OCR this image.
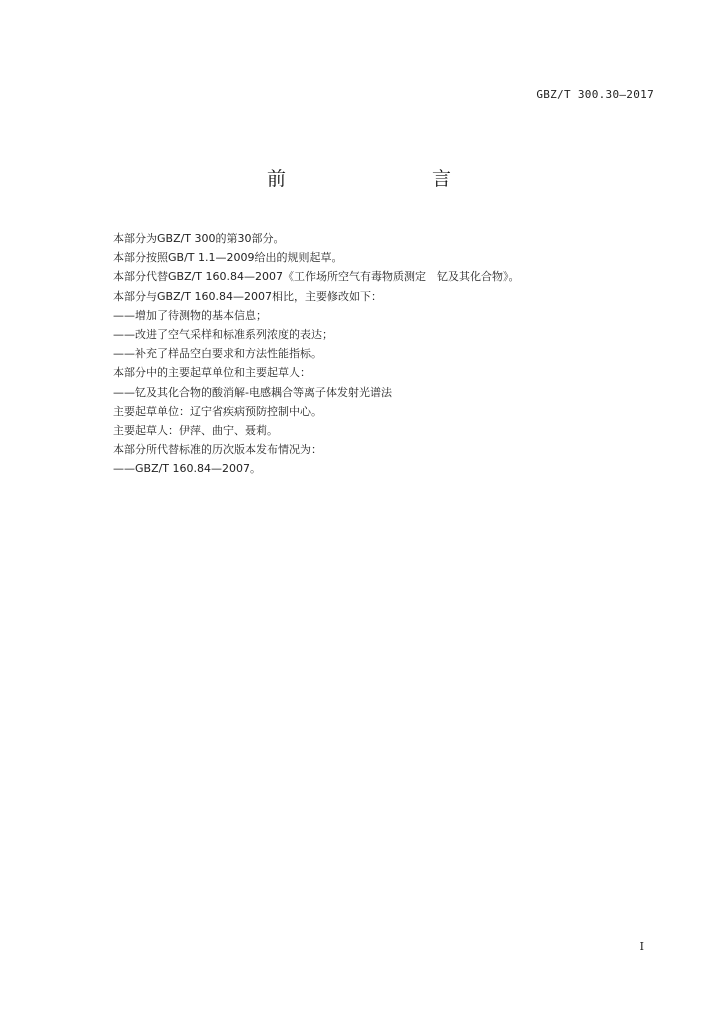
GBZ/T 300.30—2017
前　　言
本部分为GBZ/T 300的第30部分。
本部分按照GB/T 1.1—2009给出的规则起草。
本部分代替GBZ/T 160.84—2007《工作场所空气有毒物质测定　钇及其化合物》。
本部分与GBZ/T 160.84—2007相比，主要修改如下：
——增加了待测物的基本信息；
——改进了空气采样和标准系列浓度的表达；
——补充了样品空白要求和方法性能指标。
本部分中的主要起草单位和主要起草人：
——钇及其化合物的酸消解-电感耦合等离子体发射光谱法
主要起草单位：辽宁省疾病预防控制中心。
主要起草人：伊萍、曲宁、聂莉。
本部分所代替标准的历次版本发布情况为：
——GBZ/T 160.84—2007。
I
